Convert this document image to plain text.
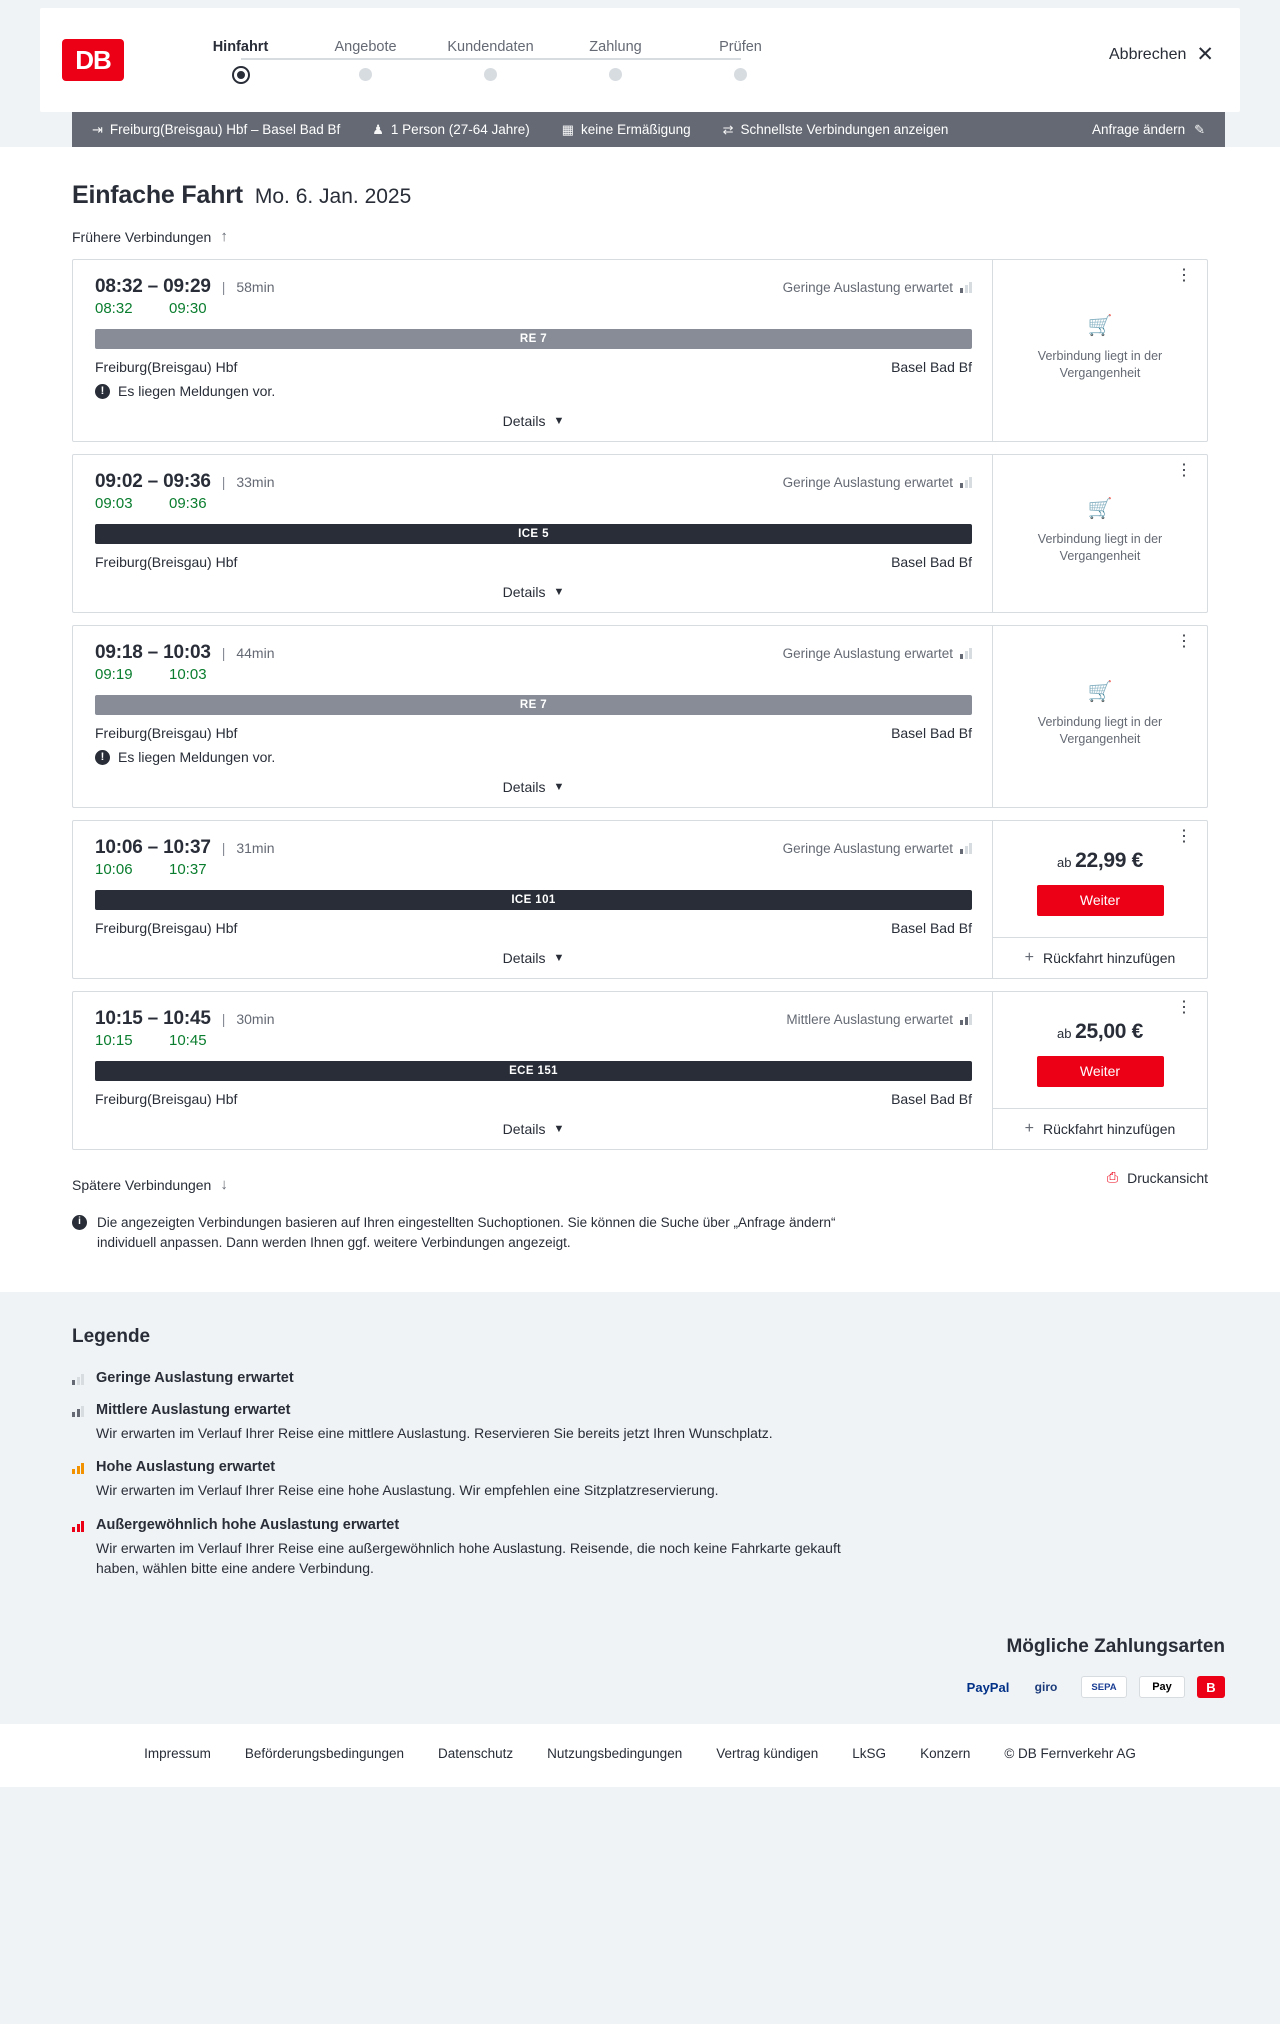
DB	Hinfahrt	Angebote	Kundendaten	Zahlung	Prüfen	Abbrechen ✕
⇥ Freiburg(Breisgau) Hbf – Basel Bad Bf ♟ 1 Person (27-64 Jahre) ▦ keine Ermäßigung ⇄ Schnellste Verbindungen anzeigen	Anfrage ändern ✎
Einfache Fahrt Mo. 6. Jan. 2025
Frühere Verbindungen ↑
08:32 – 09:29 | 58min	Geringe Auslastung erwartet
08:32	09:30
RE 7
Freiburg(Breisgau) Hbf	Basel Bad Bf
! Es liegen Meldungen vor.
Details ▼
⋮
🛒
Verbindung liegt in der Vergangenheit
09:02 – 09:36 | 33min	Geringe Auslastung erwartet
09:03	09:36
ICE 5
Freiburg(Breisgau) Hbf	Basel Bad Bf
Details ▼
⋮
🛒
Verbindung liegt in der Vergangenheit
09:18 – 10:03 | 44min	Geringe Auslastung erwartet
09:19	10:03
RE 7
Freiburg(Breisgau) Hbf	Basel Bad Bf
! Es liegen Meldungen vor.
Details ▼
⋮
🛒
Verbindung liegt in der Vergangenheit
10:06 – 10:37 | 31min	Geringe Auslastung erwartet
10:06	10:37
ICE 101
Freiburg(Breisgau) Hbf	Basel Bad Bf
Details ▼
⋮
ab 22,99 €
Weiter
+ Rückfahrt hinzufügen
10:15 – 10:45 | 30min	Mittlere Auslastung erwartet
10:15	10:45
ECE 151
Freiburg(Breisgau) Hbf	Basel Bad Bf
Details ▼
⋮
ab 25,00 €
Weiter
+ Rückfahrt hinzufügen
Spätere Verbindungen ↓	⎙ Druckansicht
i	Die angezeigten Verbindungen basieren auf Ihren eingestellten Suchoptionen. Sie können die Suche über „Anfrage ändern“ individuell anpassen. Dann werden Ihnen ggf. weitere Verbindungen angezeigt.
Legende
Geringe Auslastung erwartet
Mittlere Auslastung erwartet
Wir erwarten im Verlauf Ihrer Reise eine mittlere Auslastung. Reservieren Sie bereits jetzt Ihren Wunschplatz.
Hohe Auslastung erwartet
Wir erwarten im Verlauf Ihrer Reise eine hohe Auslastung. Wir empfehlen eine Sitzplatzreservierung.
Außergewöhnlich hohe Auslastung erwartet
Wir erwarten im Verlauf Ihrer Reise eine außergewöhnlich hohe Auslastung. Reisende, die noch keine Fahrkarte gekauft haben, wählen bitte eine andere Verbindung.
Mögliche Zahlungsarten
PayPal	giro	SEPA	Pay	B
Impressum	Beförderungsbedingungen	Datenschutz	Nutzungsbedingungen	Vertrag kündigen	LkSG	Konzern	© DB Fernverkehr AG
